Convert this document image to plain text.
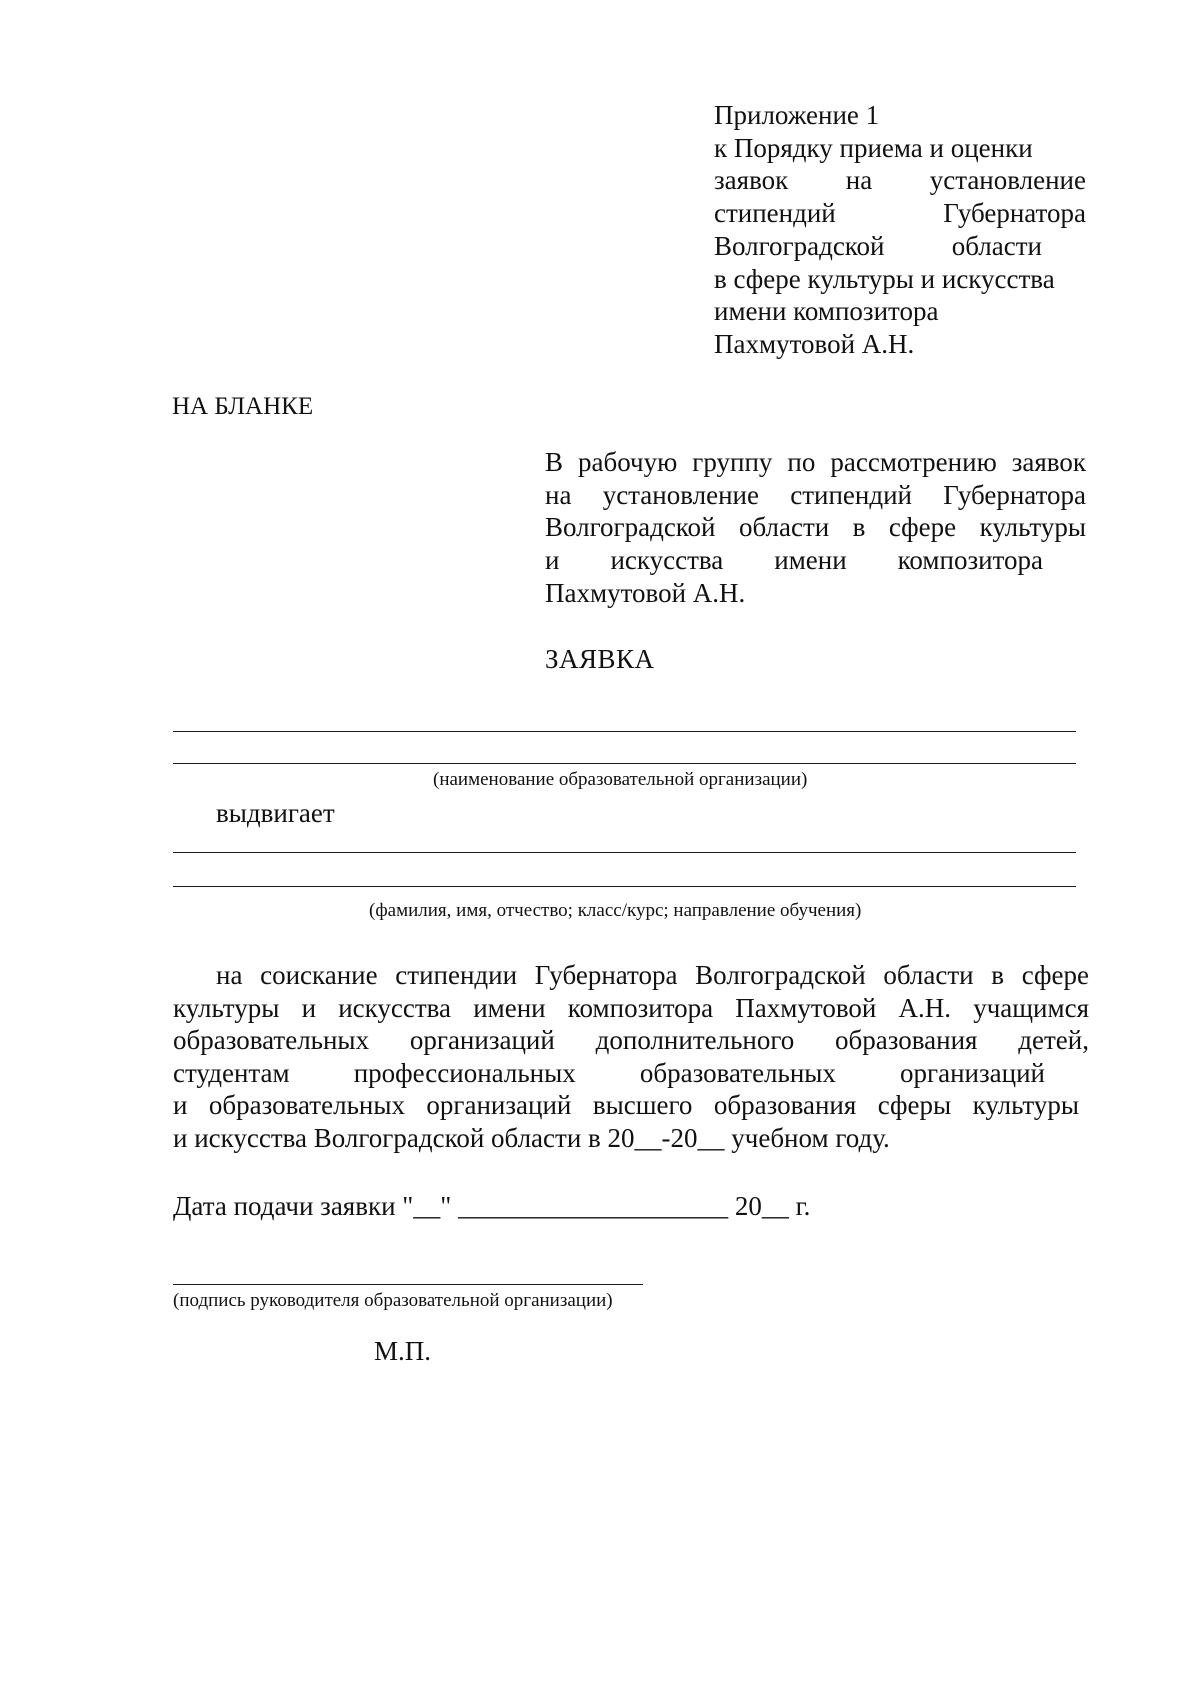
Приложение 1
к Порядку приема и оценки
заявок на установление
стипендий Губернатора
Волгоградской области
в сфере культуры и искусства
имени композитора
Пахмутовой А.Н.
НА БЛАНКЕ
В рабочую группу по рассмотрению заявок
на установление стипендий Губернатора
Волгоградской области в сфере культуры
и искусства имени композитора
Пахмутовой А.Н.
ЗАЯВКА
(наименование образовательной организации)
выдвигает
(фамилия, имя, отчество; класс/курс; направление обучения)
на соискание стипендии Губернатора Волгоградской области в сфере
культуры и искусства имени композитора Пахмутовой А.Н. учащимся
образовательных организаций дополнительного образования детей,
студентам профессиональных образовательных организаций
и образовательных организаций высшего образования сферы культуры
и искусства Волгоградской области в 20__-20__ учебном году.
Дата подачи заявки "__" ____________________ 20__ г.
(подпись руководителя образовательной организации)
М.П.
